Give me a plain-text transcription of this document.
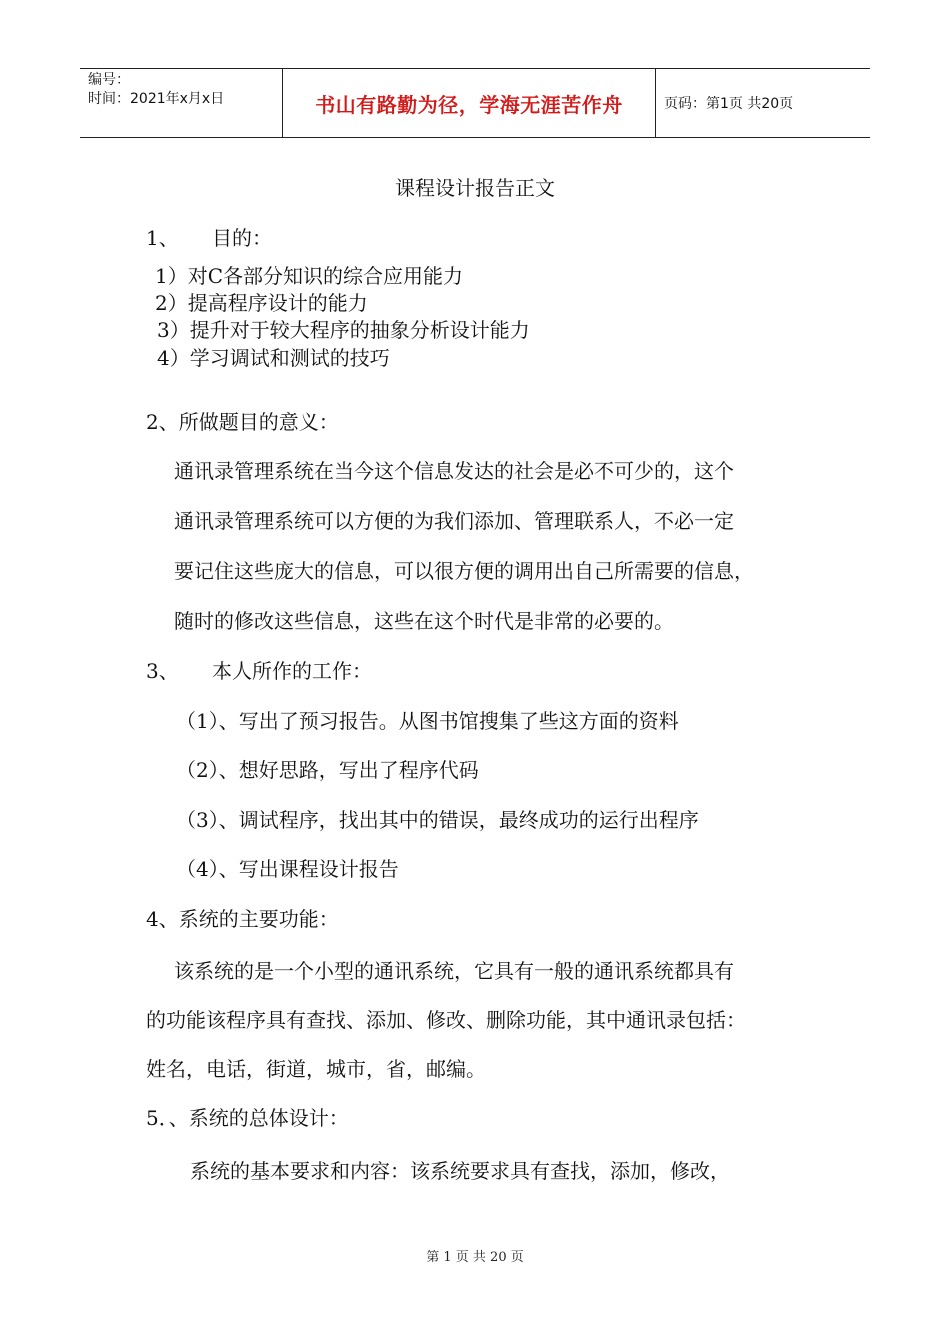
编号：
时间：2021年x月x日	书山有路勤为径，学海无涯苦作舟	页码：第1页 共20页
课程设计报告正文
1、 目的：
1）对C各部分知识的综合应用能力
2）提高程序设计的能力
3）提升对于较大程序的抽象分析设计能力
4）学习调试和测试的技巧
2、所做题目的意义：
通讯录管理系统在当今这个信息发达的社会是必不可少的，这个
通讯录管理系统可以方便的为我们添加、管理联系人，不必一定
要记住这些庞大的信息，可以很方便的调用出自己所需要的信息，
随时的修改这些信息，这些在这个时代是非常的必要的。
3、 本人所作的工作：
（1）、写出了预习报告。从图书馆搜集了些这方面的资料
（2）、想好思路，写出了程序代码
（3）、调试程序，找出其中的错误，最终成功的运行出程序
（4）、写出课程设计报告
4、系统的主要功能：
该系统的是一个小型的通讯系统，它具有一般的通讯系统都具有
的功能该程序具有查找、添加、修改、删除功能，其中通讯录包括：
姓名，电话，街道，城市，省，邮编。
5．、系统的总体设计：
系统的基本要求和内容：该系统要求具有查找，添加，修改，
第 1 页 共 20 页
